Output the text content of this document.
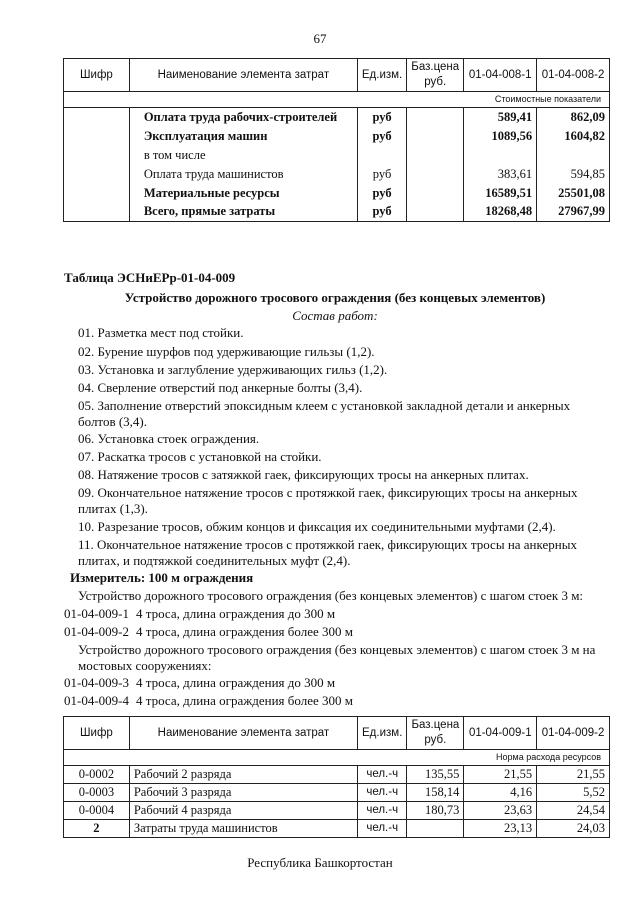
67
Шифр	Наименование элемента затрат	Ед.изм.	Баз.цена руб.	01-04-008-1	01-04-008-2
Стоимостные показатели					
	Оплата труда рабочих-строителей	руб		589,41	862,09
	Эксплуатация машин	руб		1089,56	1604,82
	в том числе				
	Оплата труда машинистов	руб		383,61	594,85
	Материальные ресурсы	руб		16589,51	25501,08
	Всего, прямые затраты	руб		18268,48	27967,99
Таблица ЭСНиЕРр-01-04-009
Устройство дорожного тросового ограждения (без концевых элементов)
Состав работ:
01. Разметка мест под стойки.
02. Бурение шурфов под удерживающие гильзы (1,2).
03. Установка и заглубление удерживающих гильз (1,2).
04. Сверление отверстий под анкерные болты (3,4).
05. Заполнение отверстий эпоксидным клеем с установкой закладной детали и анкерных болтов (3,4).
06. Установка стоек ограждения.
07. Раскатка тросов с установкой на стойки.
08. Натяжение тросов с затяжкой гаек, фиксирующих тросы на анкерных плитах.
09. Окончательное натяжение тросов с протяжкой гаек, фиксирующих тросы на анкерных плитах (1,3).
10. Разрезание тросов, обжим концов и фиксация их соединительными муфтами (2,4).
11. Окончательное натяжение тросов с протяжкой гаек, фиксирующих тросы на анкерных плитах, и подтяжкой соединительных муфт (2,4).
Измеритель: 100 м ограждения
Устройство дорожного тросового ограждения (без концевых элементов) с шагом стоек 3 м:
01-04-009-1 4 троса, длина ограждения до 300 м
01-04-009-2 4 троса, длина ограждения более 300 м
Устройство дорожного тросового ограждения (без концевых элементов) с шагом стоек 3 м на мостовых сооружениях:
01-04-009-3 4 троса, длина ограждения до 300 м
01-04-009-4 4 троса, длина ограждения более 300 м
Шифр	Наименование элемента затрат	Ед.изм.	Баз.цена руб.	01-04-009-1	01-04-009-2
Норма расхода ресурсов					
0-0002	Рабочий 2 разряда	чел.-ч	135,55	21,55	21,55
0-0003	Рабочий 3 разряда	чел.-ч	158,14	4,16	5,52
0-0004	Рабочий 4 разряда	чел.-ч	180,73	23,63	24,54
2	Затраты труда машинистов	чел.-ч		23,13	24,03
Республика Башкортостан
